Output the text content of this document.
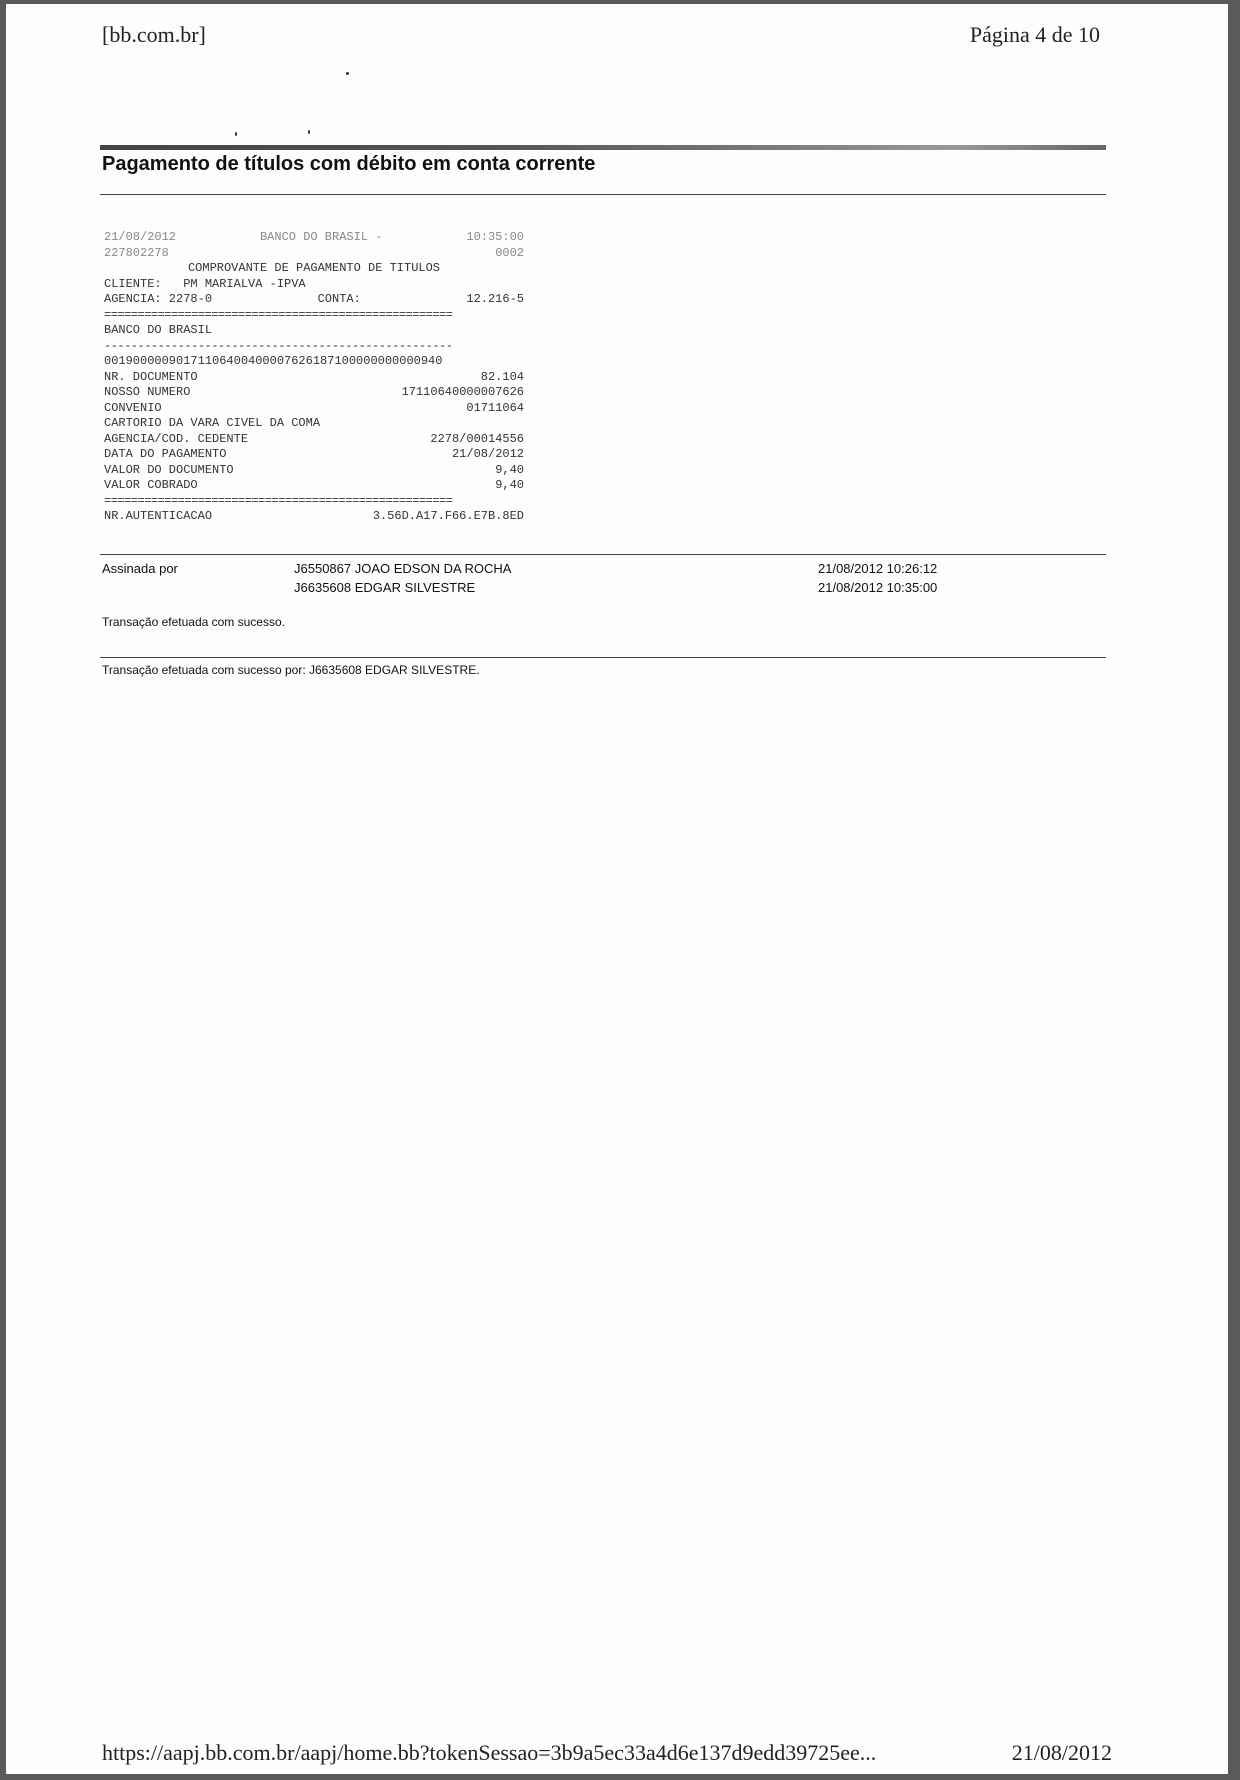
[bb.com.br]	Página 4 de 10
Pagamento de títulos com débito em conta corrente
21/08/2012	BANCO DO BRASIL -	10:35:00
227802278	0002
COMPROVANTE DE PAGAMENTO DE TITULOS
CLIENTE:   PM MARIALVA -IPVA
AGENCIA: 2278-0	CONTA:	12.216-5
====================================================
BANCO DO BRASIL
----------------------------------------------------
00190000090171106400400007626187100000000000940
NR. DOCUMENTO	82.104
NOSSO NUMERO	17110640000007626
CONVENIO	01711064
CARTORIO DA VARA CIVEL DA COMA
AGENCIA/COD. CEDENTE	2278/00014556
DATA DO PAGAMENTO	21/08/2012
VALOR DO DOCUMENTO	9,40
VALOR COBRADO	9,40
====================================================
NR.AUTENTICACAO	3.56D.A17.F66.E7B.8ED
Assinada por	J6550867 JOAO EDSON DA ROCHA	21/08/2012 10:26:12
J6635608 EDGAR SILVESTRE	21/08/2012 10:35:00
Transação efetuada com sucesso.
Transação efetuada com sucesso por: J6635608 EDGAR SILVESTRE.
https://aapj.bb.com.br/aapj/home.bb?tokenSessao=3b9a5ec33a4d6e137d9edd39725ee...	21/08/2012
